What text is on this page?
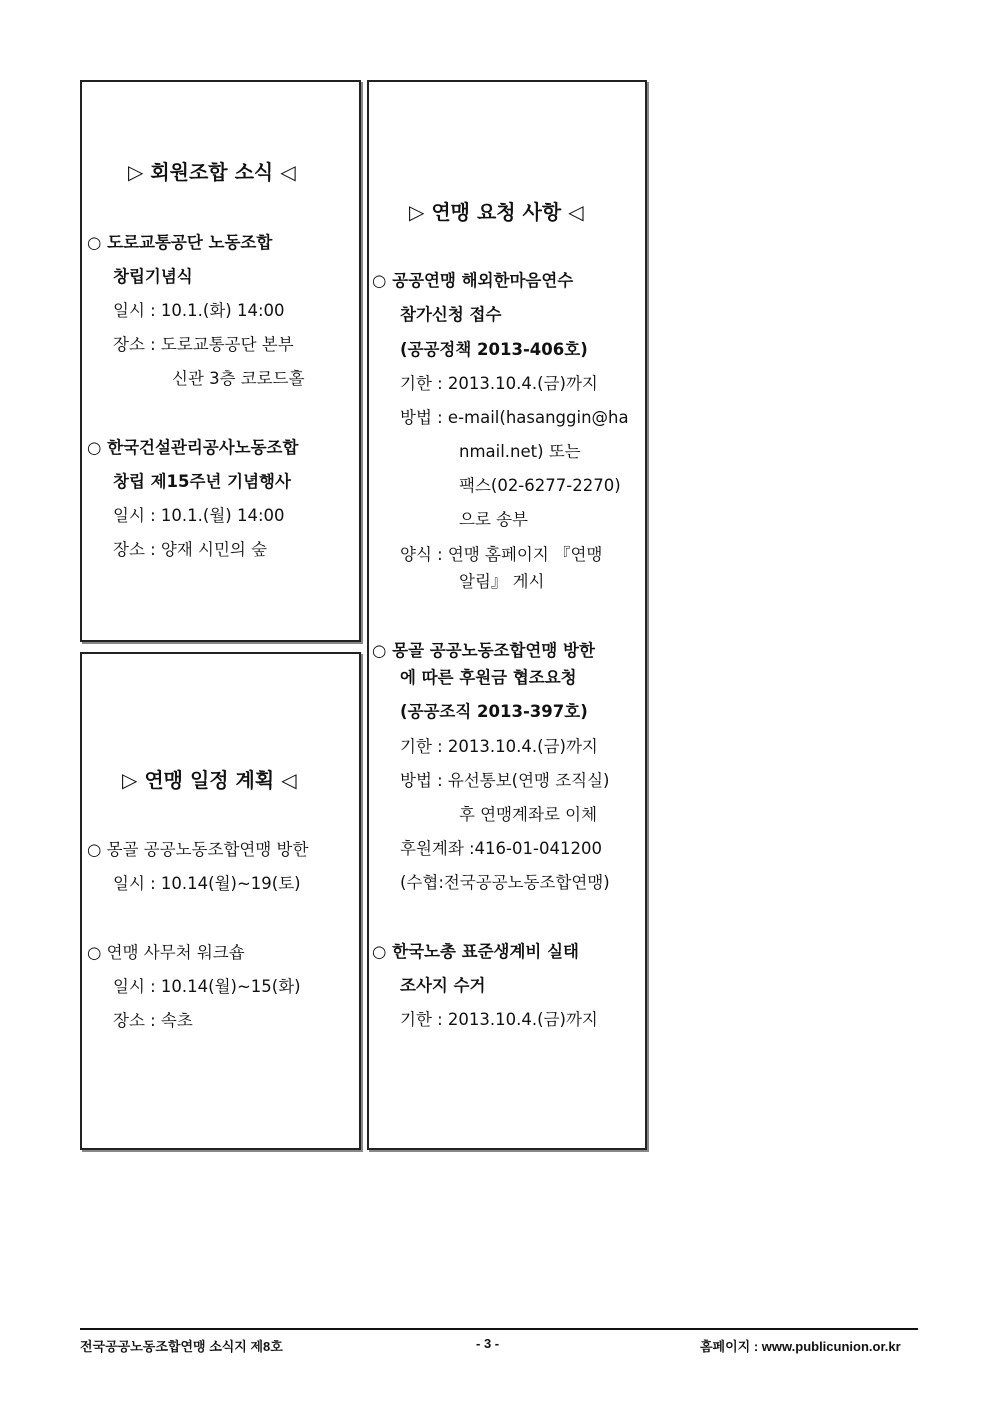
▷ 회원조합 소식 ◁
○ 도로교통공단 노동조합
창립기념식
일시 : 10.1.(화) 14:00
장소 : 도로교통공단 본부
신관 3층 코로드홀
○ 한국건설관리공사노동조합
창립 제15주년 기념행사
일시 : 10.1.(월) 14:00
장소 : 양재 시민의 숲
▷ 연맹 일정 계획 ◁
○ 몽골 공공노동조합연맹 방한
일시 : 10.14(월)~19(토)
○ 연맹 사무처 워크숍
일시 : 10.14(월)~15(화)
장소 : 속초
▷ 연맹 요청 사항 ◁
○ 공공연맹 해외한마음연수
참가신청 접수
(공공정책 2013-406호)
기한 : 2013.10.4.(금)까지
방법 : e-mail(hasanggin@ha
nmail.net) 또는
팩스(02-6277-2270)
으로 송부
양식 : 연맹 홈페이지 『연맹
알림』 게시
○ 몽골 공공노동조합연맹 방한
에 따른 후원금 협조요청
(공공조직 2013-397호)
기한 : 2013.10.4.(금)까지
방법 : 유선통보(연맹 조직실)
후 연맹계좌로 이체
후원계좌 :416-01-041200
(수협:전국공공노동조합연맹)
○ 한국노총 표준생계비 실태
조사지 수거
기한 : 2013.10.4.(금)까지
전국공공노동조합연맹 소식지 제8호	- 3 -	홈페이지 : www.publicunion.or.kr
